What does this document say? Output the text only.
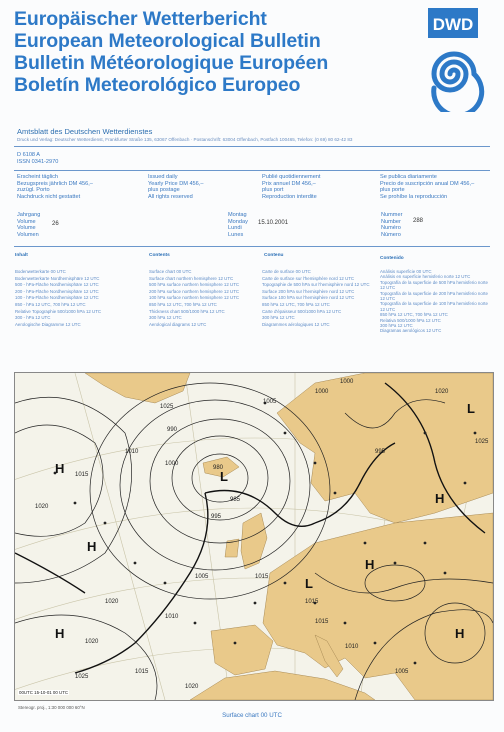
Europäischer Wetterbericht
European Meteorological Bulletin
Bulletin Météorologique Européen
Boletín Meteorológico Europeo
DWD
Amtsblatt des Deutschen Wetterdienstes
Druck und Verlag: Deutscher Wetterdienst, Frankfurter Straße 135, 63067 Offenbach · Postanschrift: 63004 Offenbach, Postfach 100465, Telefon: (0 69) 80 62-42 83
D 6108 A
ISSN 0341-2970
Erscheint täglich
Bezugspreis jährlich DM 456,–
zuzügl. Porto
Nachdruck nicht gestattet
Issued daily
Yearly Price DM 456,–
plus postage
All rights reserved
Publié quotidiennement
Prix annuel DM 456,–
plus port
Reproduction interdite
Se publica diariamente
Precio de suscripción anual DM 456,–
plus porte
Se prohíbe la reproducción
Jahrgang
Volume
Volume
Volumen
26
Montag
Monday
Lundi
Lunes
15.10.2001
Nummer
Number
Numéro
Número
288
Inhalt	Contents	Contenu
Contenido
Bodenwetterkarte 00 UTC
Bodenwetterkarte Nordhemisphäre 12 UTC
500 - hPa-Fläche Nordhemisphäre 12 UTC
200 - hPa-Fläche Nordhemisphäre 12 UTC
100 - hPa-Fläche Nordhemisphäre 12 UTC
850 - hPa 12 UTC, 700 hPa 12 UTC
Relative Topographie 500/1000 hPa 12 UTC
300 - hPa 12 UTC
Aerologische Diagramme 12 UTC
Surface chart 00 UTC
Surface chart northern hemisphere 12 UTC
500 hPa surface northern hemisphere 12 UTC
200 hPa surface northern hemisphere 12 UTC
100 hPa surface northern hemisphere 12 UTC
850 hPa 12 UTC, 700 hPa 12 UTC
Thickness chart 500/1000 hPa 12 UTC
300 hPa 12 UTC
Aerological diagrams 12 UTC
Carte de surface 00 UTC
Carte de surface sur l'hemisphère nord 12 UTC
Topographie de 500 hPa sur l'hemisphère nord 12 UTC
Surface 200 hPa sur l'hemisphère nord 12 UTC
Surface 100 hPa sur l'hemisphère nord 12 UTC
850 hPa 12 UTC, 700 hPa 12 UTC
Carte d'épaisseur 500/1000 hPa 12 UTC
300 hPa 12 UTC
Diagrammes aérologiques 12 UTC
Análisis superficie 00 UTC
Análisis en superficie hemisferio norte 12 UTC
Topografía de la superficie de 500 hPa hemisferio norte 12 UTC
Topografía de la superficie de 200 hPa hemisferio norte 12 UTC
Topografía de la superficie de 100 hPa hemisferio norte 12 UTC
850 hPa 12 UTC, 700 hPa 12 UTC
Relativa 500/1000 hPa 12 UTC
300 hPa 12 UTC
Diagramas aerológicos 12 UTC
H
L
H
H
L
H
H
L
H
1025
1020
1015
1010
1005
1000
995
990
985
980
1025
1020
1015
1010
1005
1000
995
1000
1015
1020
1025
1020
1015
1015
1010
1005
1020
00UTC 15-10-01 00 UTC
Stereogr. proj., 1:30 000 000 60°N
Surface chart 00 UTC
